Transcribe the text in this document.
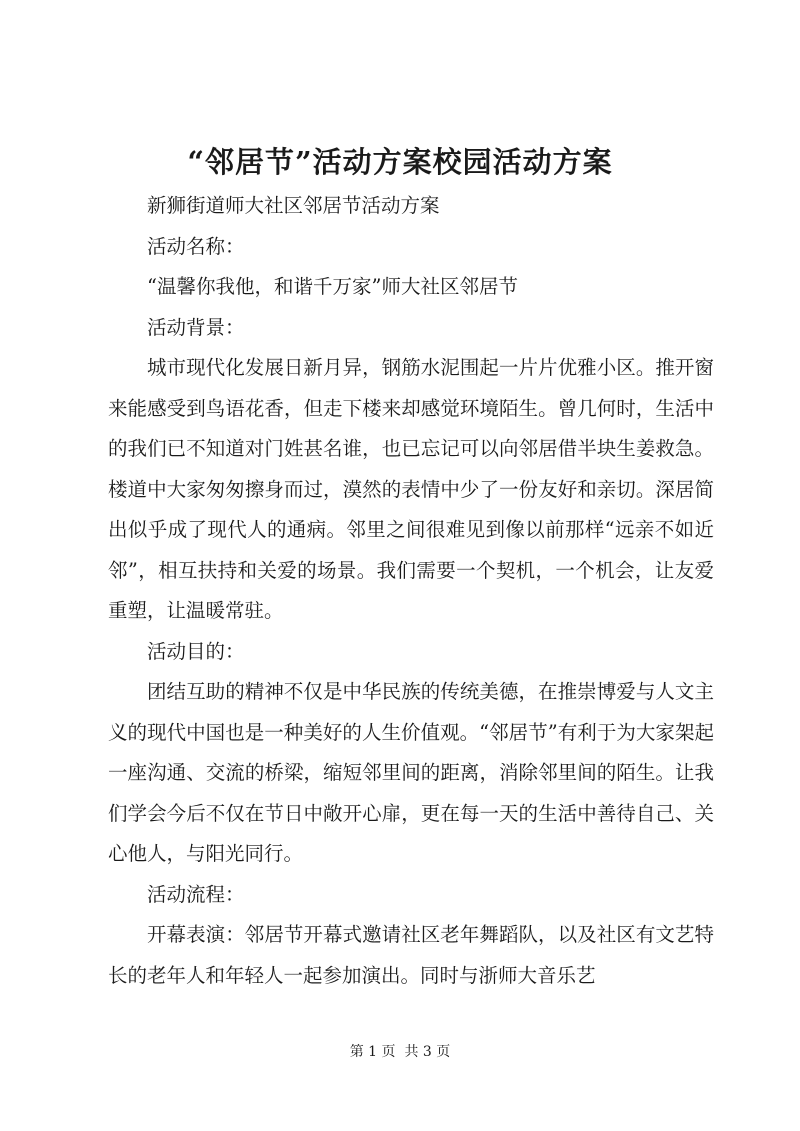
“邻居节”活动方案校园活动方案

新狮街道师大社区邻居节活动方案

活动名称：

“温馨你我他，和谐千万家”师大社区邻居节

活动背景：

城市现代化发展日新月异，钢筋水泥围起一片片优雅小区。推开窗来能感受到鸟语花香，但走下楼来却感觉环境陌生。曾几何时，生活中的我们已不知道对门姓甚名谁，也已忘记可以向邻居借半块生姜救急。楼道中大家匆匆擦身而过，漠然的表情中少了一份友好和亲切。深居简出似乎成了现代人的通病。邻里之间很难见到像以前那样“远亲不如近邻”，相互扶持和关爱的场景。我们需要一个契机，一个机会，让友爱重塑，让温暖常驻。

活动目的：

团结互助的精神不仅是中华民族的传统美德，在推崇博爱与人文主义的现代中国也是一种美好的人生价值观。“邻居节”有利于为大家架起一座沟通、交流的桥梁，缩短邻里间的距离，消除邻里间的陌生。让我们学会今后不仅在节日中敞开心扉，更在每一天的生活中善待自己、关心他人，与阳光同行。

活动流程：

开幕表演：邻居节开幕式邀请社区老年舞蹈队，以及社区有文艺特长的老年人和年轻人一起参加演出。同时与浙师大音乐艺

第 1 页  共 3 页
